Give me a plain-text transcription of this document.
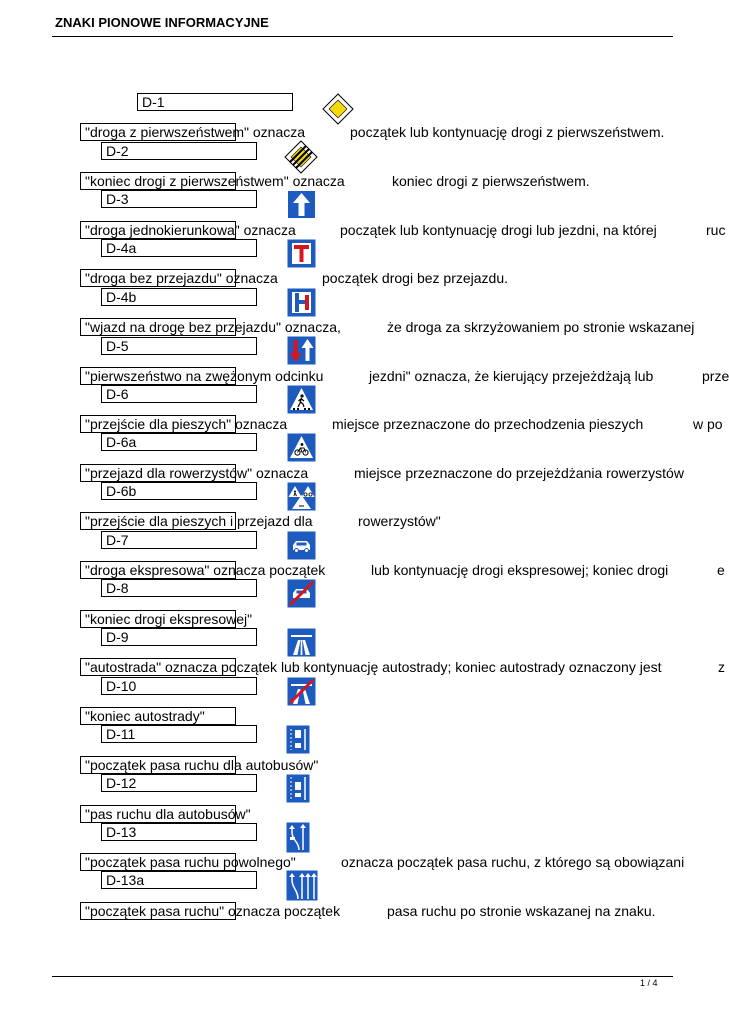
ZNAKI PIONOWE INFORMACYJNE
D-1
"droga z pierwszeństwem" oznacza	początek lub kontynuację drogi z pierwszeństwem.
D-2
"koniec drogi z pierwszeństwem" oznacza	koniec drogi z pierwszeństwem.
D-3
"droga jednokierunkowa" oznacza	początek lub kontynuację drogi lub jezdni, na której	ruc
D-4a
"droga bez przejazdu" oznacza	początek drogi bez przejazdu.
D-4b
"wjazd na drogę bez przejazdu" oznacza,	że droga za skrzyżowaniem po stronie wskazanej
D-5
"pierwszeństwo na zwężonym odcinku	jezdni" oznacza, że kierujący przejeżdżają lub	prze
D-6
"przejście dla pieszych" oznacza	miejsce przeznaczone do przechodzenia pieszych	w po
D-6a
"przejazd dla rowerzystów" oznacza	miejsce przeznaczone do przejeżdżania rowerzystów
D-6b
"przejście dla pieszych i przejazd dla	rowerzystów"
D-7
"droga ekspresowa" oznacza początek	lub kontynuację drogi ekspresowej; koniec drogi	e
D-8
"koniec drogi ekspresowej"
D-9
"autostrada" oznacza początek lub kontynuację autostrady; koniec autostrady oznaczony jest	z
D-10
"koniec autostrady"
D-11
"początek pasa ruchu dla autobusów"
D-12
"pas ruchu dla autobusów"
D-13
"początek pasa ruchu powolnego"	oznacza początek pasa ruchu, z którego są obowiązani
D-13a
"początek pasa ruchu" oznacza początek	pasa ruchu po stronie wskazanej na znaku.
1 / 4
